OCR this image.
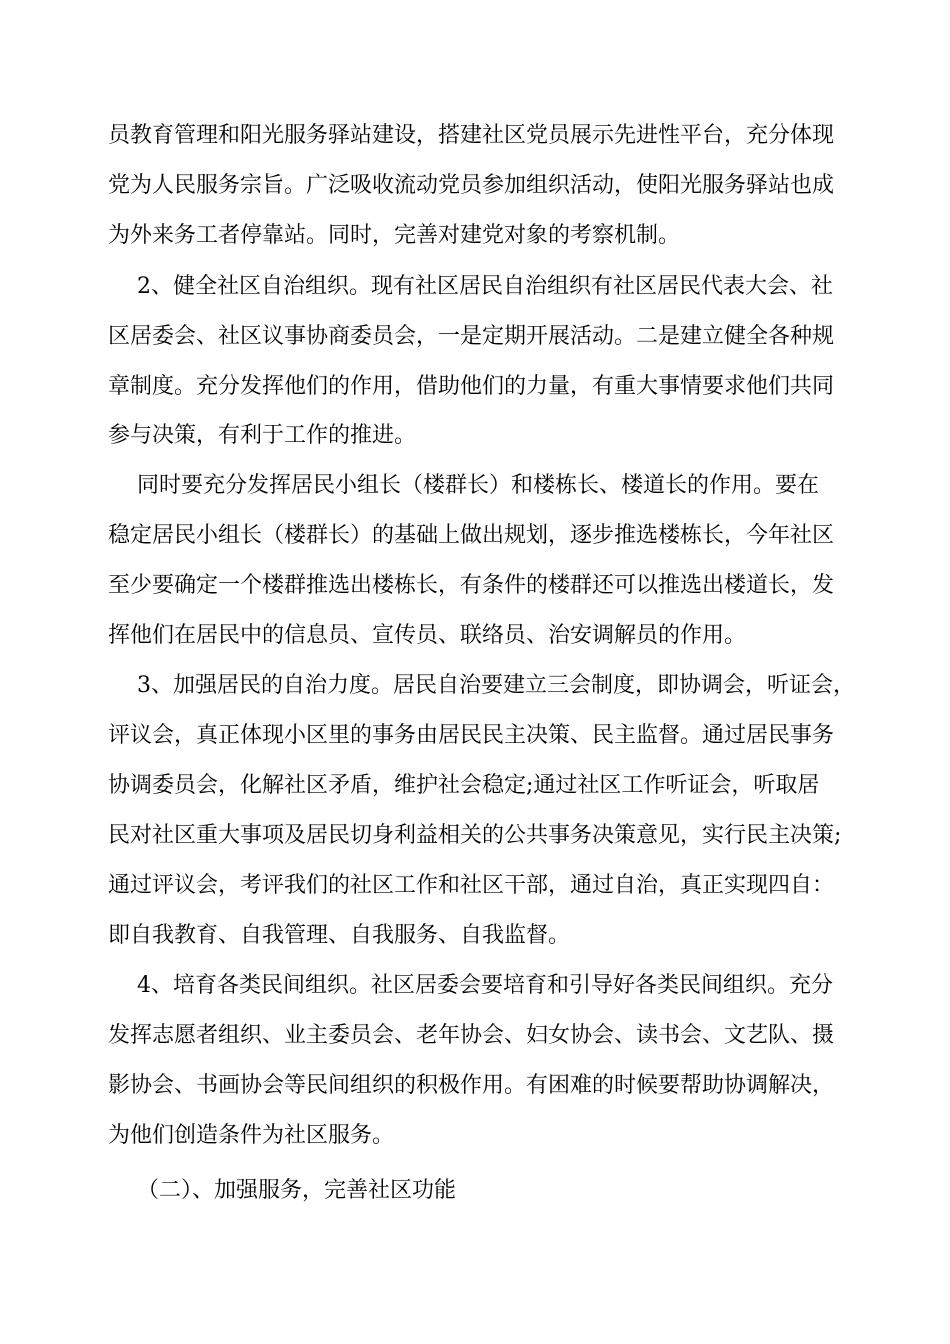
员教育管理和阳光服务驿站建设，搭建社区党员展示先进性平台，充分体现
党为人民服务宗旨。广泛吸收流动党员参加组织活动，使阳光服务驿站也成
为外来务工者停靠站。同时，完善对建党对象的考察机制。
2、健全社区自治组织。现有社区居民自治组织有社区居民代表大会、社
区居委会、社区议事协商委员会，一是定期开展活动。二是建立健全各种规
章制度。充分发挥他们的作用，借助他们的力量，有重大事情要求他们共同
参与决策，有利于工作的推进。
同时要充分发挥居民小组长（楼群长）和楼栋长、楼道长的作用。要在
稳定居民小组长（楼群长）的基础上做出规划，逐步推选楼栋长，今年社区
至少要确定一个楼群推选出楼栋长，有条件的楼群还可以推选出楼道长，发
挥他们在居民中的信息员、宣传员、联络员、治安调解员的作用。
3、加强居民的自治力度。居民自治要建立三会制度，即协调会，听证会，
评议会，真正体现小区里的事务由居民民主决策、民主监督。通过居民事务
协调委员会，化解社区矛盾，维护社会稳定;通过社区工作听证会，听取居
民对社区重大事项及居民切身利益相关的公共事务决策意见，实行民主决策;
通过评议会，考评我们的社区工作和社区干部，通过自治，真正实现四自：
即自我教育、自我管理、自我服务、自我监督。
4、培育各类民间组织。社区居委会要培育和引导好各类民间组织。充分
发挥志愿者组织、业主委员会、老年协会、妇女协会、读书会、文艺队、摄
影协会、书画协会等民间组织的积极作用。有困难的时候要帮助协调解决，
为他们创造条件为社区服务。
（二）、加强服务，完善社区功能
